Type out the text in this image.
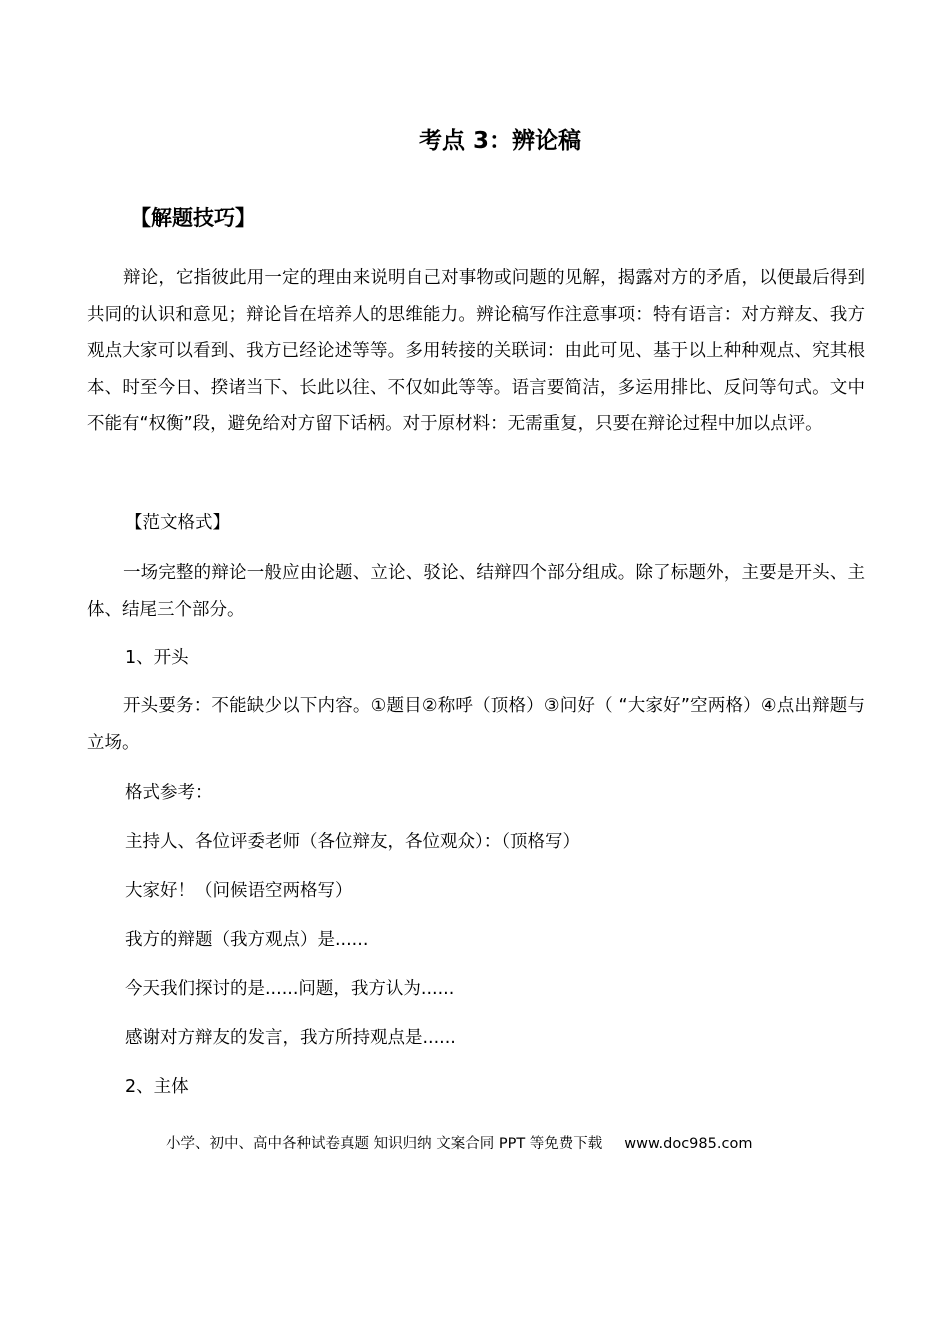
考点 3：辨论稿
【解题技巧】

辩论，它指彼此用一定的理由来说明自己对事物或问题的见解，揭露对方的矛盾，以便最后得到共同的认识和意见；辩论旨在培养人的思维能力。辨论稿写作注意事项：特有语言：对方辩友、我方观点大家可以看到、我方已经论述等等。多用转接的关联词：由此可见、基于以上种种观点、究其根本、时至今日、揆诸当下、长此以往、不仅如此等等。语言要简洁，多运用排比、反问等句式。文中不能有“权衡”段，避免给对方留下话柄。对于原材料：无需重复，只要在辩论过程中加以点评。

【范文格式】

一场完整的辩论一般应由论题、立论、驳论、结辩四个部分组成。除了标题外，主要是开头、主体、结尾三个部分。

1、开头

开头要务：不能缺少以下内容。①题目②称呼（顶格）③问好（ “大家好”空两格）④点出辩题与立场。

格式参考：
主持人、各位评委老师（各位辩友，各位观众）：（顶格写）
大家好！（问候语空两格写）
我方的辩题（我方观点）是......
今天我们探讨的是......问题，我方认为......
感谢对方辩友的发言，我方所持观点是......
2、主体
小学、初中、高中各种试卷真题 知识归纳 文案合同 PPT 等免费下载 www.doc985.com
